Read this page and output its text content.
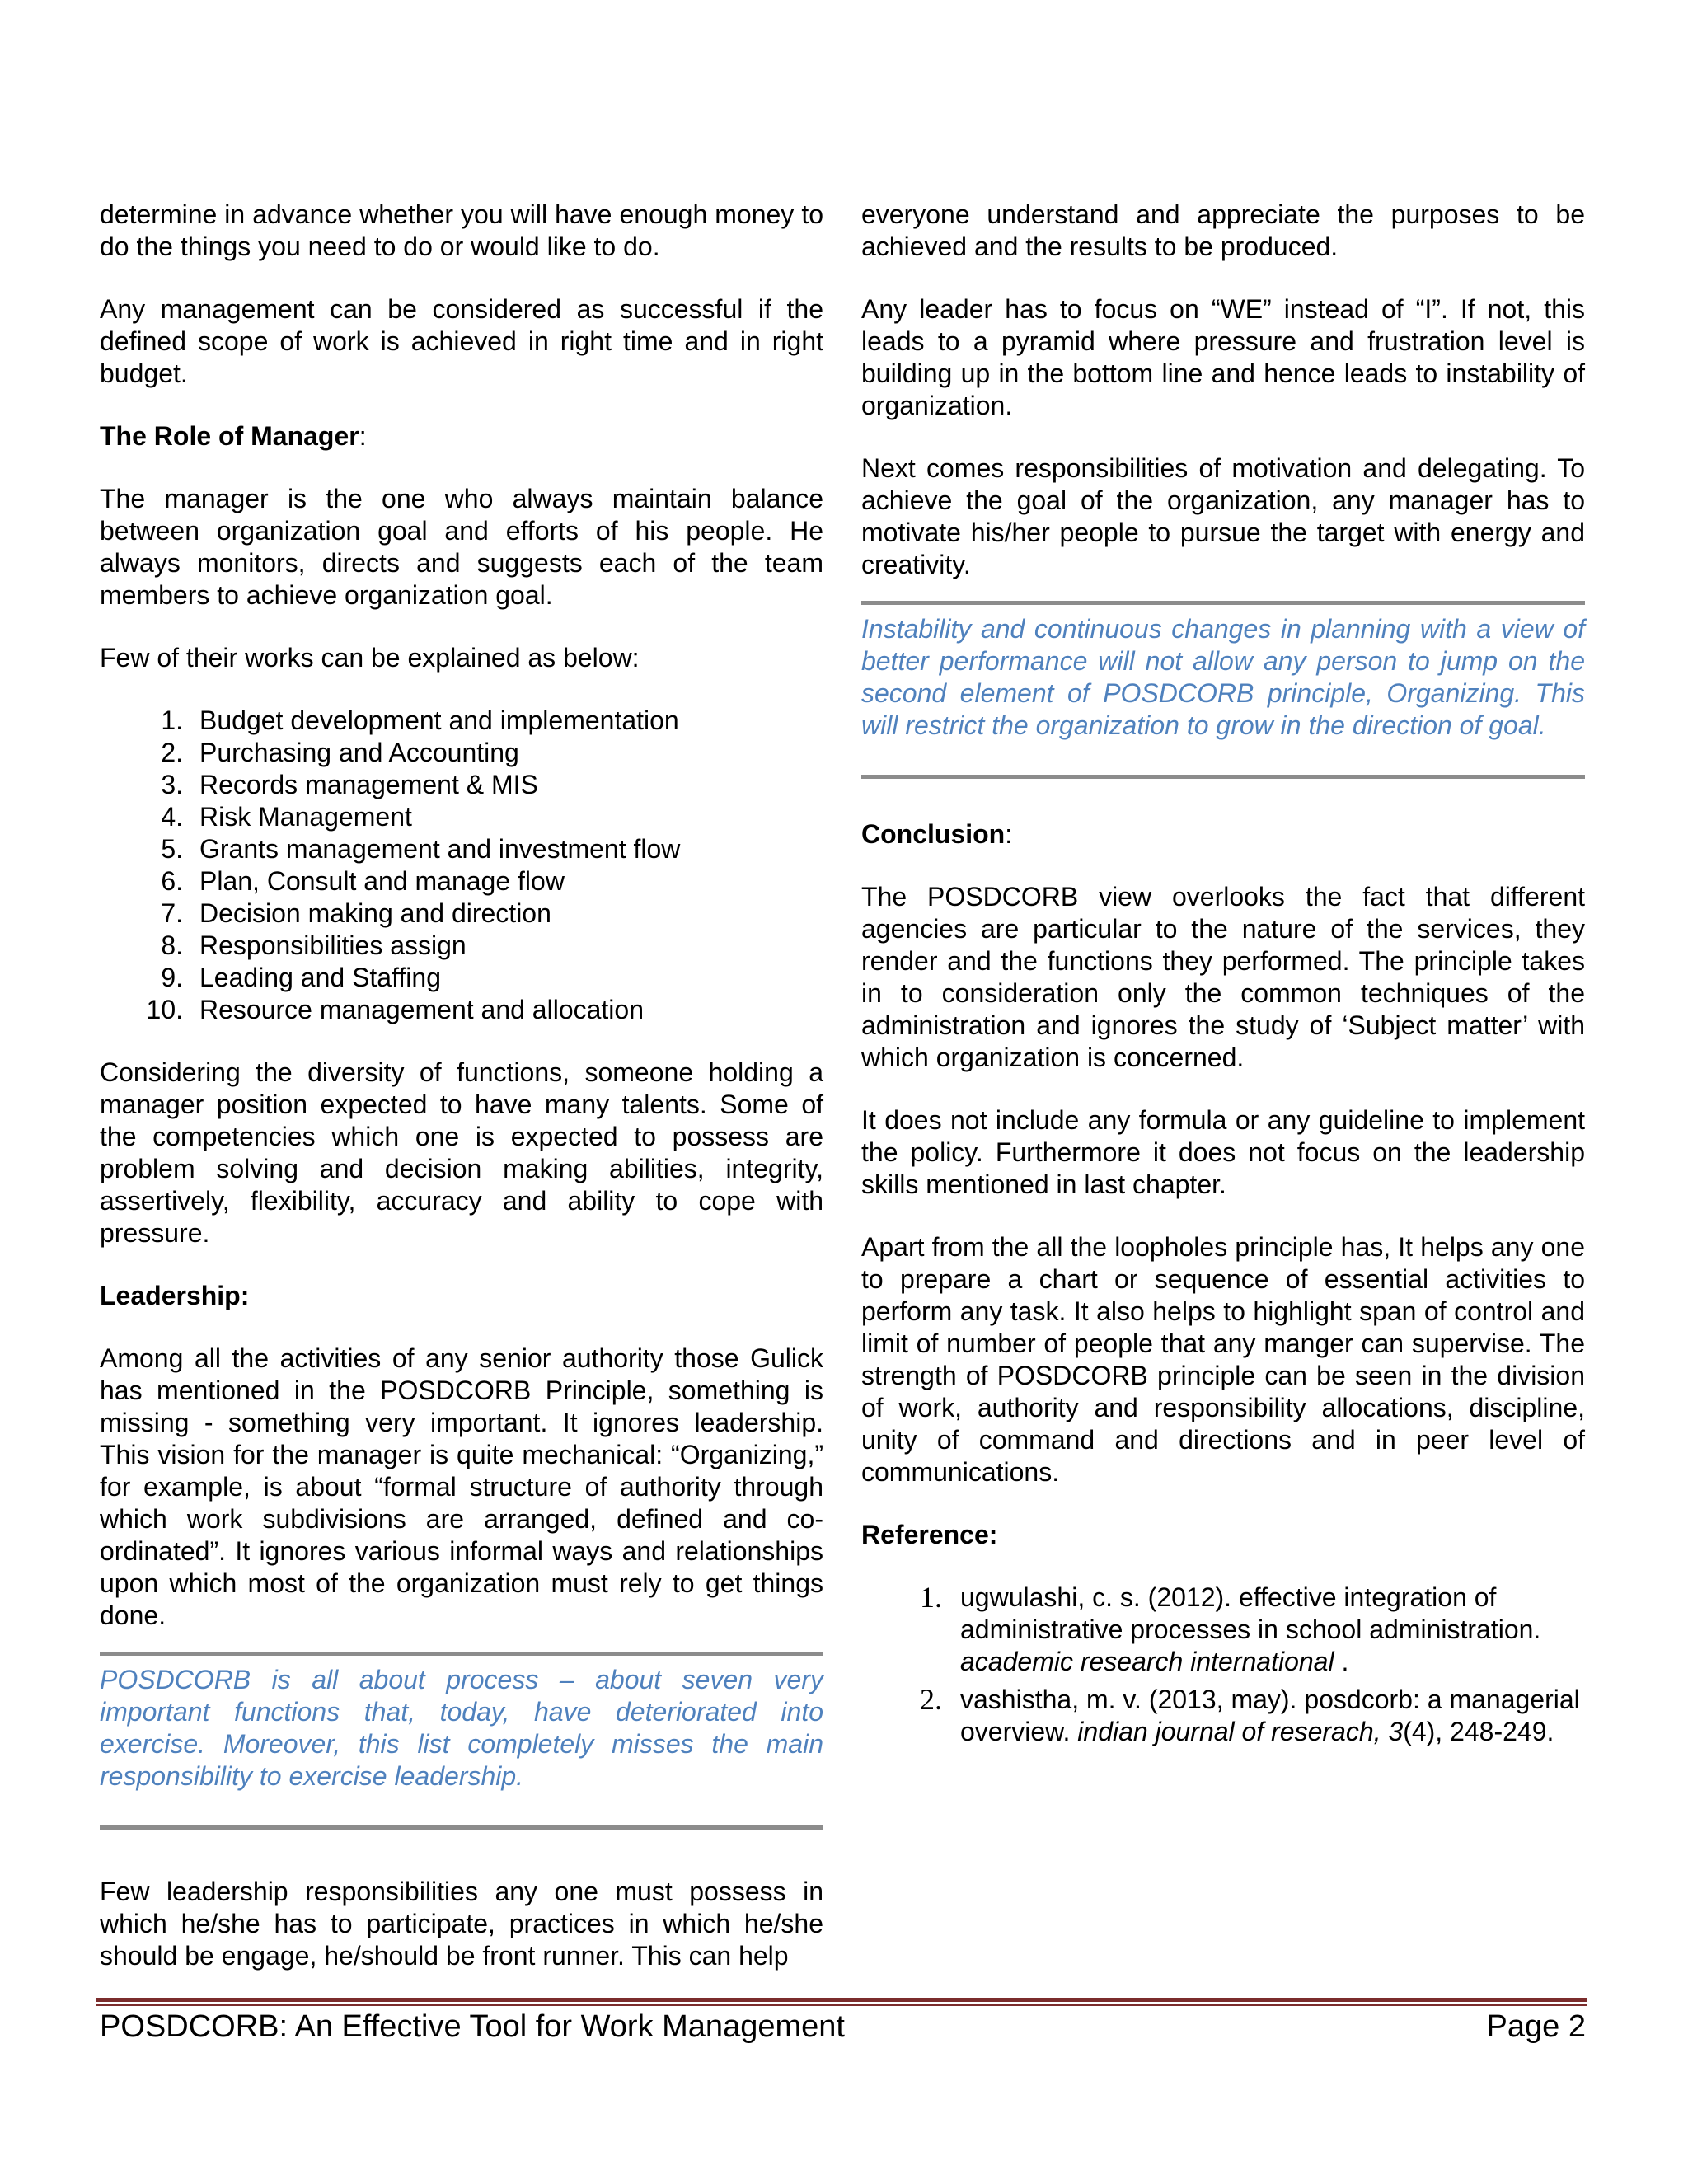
determine in advance whether you will have enough money to do the things you need to do or would like to do.

Any management can be considered as successful if the defined scope of work is achieved in right time and in right budget.

The Role of Manager:

The manager is the one who always maintain balance between organization goal and efforts of his people. He always monitors, directs and suggests each of the team members to achieve organization goal.

Few of their works can be explained as below:

1. Budget development and implementation
2. Purchasing and Accounting
3. Records management & MIS
4. Risk Management
5. Grants management and investment flow
6. Plan, Consult and manage flow
7. Decision making and direction
8. Responsibilities assign
9. Leading and Staffing
10. Resource management and allocation

Considering the diversity of functions, someone holding a manager position expected to have many talents. Some of the competencies which one is expected to possess are problem solving and decision making abilities, integrity, assertively, flexibility, accuracy and ability to cope with pressure.

Leadership:

Among all the activities of any senior authority those Gulick has mentioned in the POSDCORB Principle, something is missing - something very important. It ignores leadership. This vision for the manager is quite mechanical: “Organizing,” for example, is about “formal structure of authority through which work subdivisions are arranged, defined and co-ordinated”. It ignores various informal ways and relationships upon which most of the organization must rely to get things done.

POSDCORB is all about process – about seven very important functions that, today, have deteriorated into exercise. Moreover, this list completely misses the main responsibility to exercise leadership.

Few leadership responsibilities any one must possess in which he/she has to participate, practices in which he/she should be engage, he/should be front runner. This can help

everyone understand and appreciate the purposes to be achieved and the results to be produced.

Any leader has to focus on “WE” instead of “I”. If not, this leads to a pyramid where pressure and frustration level is building up in the bottom line and hence leads to instability of organization.

Next comes responsibilities of motivation and delegating. To achieve the goal of the organization, any manager has to motivate his/her people to pursue the target with energy and creativity.

Instability and continuous changes in planning with a view of better performance will not allow any person to jump on the second element of POSDCORB principle, Organizing. This will restrict the organization to grow in the direction of goal.

Conclusion:

The POSDCORB view overlooks the fact that different agencies are particular to the nature of the services, they render and the functions they performed. The principle takes in to consideration only the common techniques of the administration and ignores the study of ‘Subject matter’ with which organization is concerned.

It does not include any formula or any guideline to implement the policy. Furthermore it does not focus on the leadership skills mentioned in last chapter.

Apart from the all the loopholes principle has, It helps any one to prepare a chart or sequence of essential activities to perform any task. It also helps to highlight span of control and limit of number of people that any manger can supervise. The strength of POSDCORB principle can be seen in the division of work, authority and responsibility allocations, discipline, unity of command and directions and in peer level of communications.

Reference:

1. ugwulashi, c. s. (2012). effective integration of administrative processes in school administration. academic research international .
2. vashistha, m. v. (2013, may). posdcorb: a managerial overview. indian journal of reserach, 3(4), 248-249.
POSDCORB: An Effective Tool for Work Management	Page 2
